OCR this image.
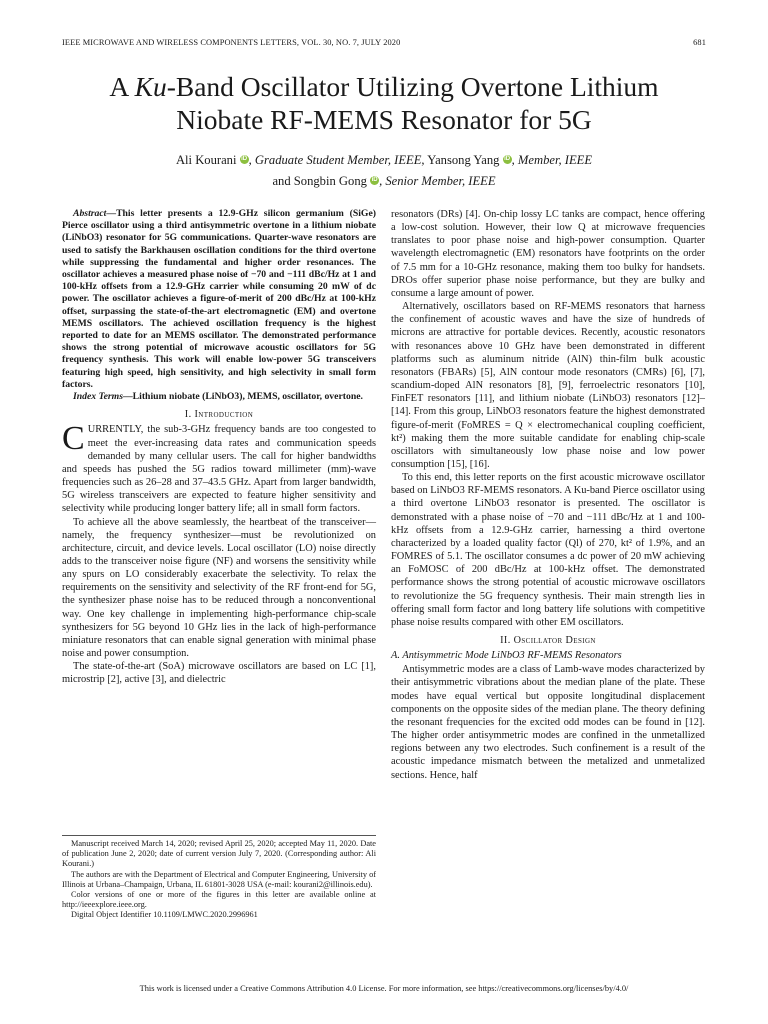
IEEE MICROWAVE AND WIRELESS COMPONENTS LETTERS, VOL. 30, NO. 7, JULY 2020	681
A Ku-Band Oscillator Utilizing Overtone Lithium
Niobate RF-MEMS Resonator for 5G
Ali Kourani iD , Graduate Student Member, IEEE, Yansong Yang iD , Member, IEEE
and Songbin Gong iD , Senior Member, IEEE

Abstract—This letter presents a 12.9-GHz silicon germanium (SiGe) Pierce oscillator using a third antisymmetric overtone in a lithium niobate (LiNbO3) resonator for 5G communications. Quarter-wave resonators are used to satisfy the Barkhausen oscillation conditions for the third overtone while suppressing the fundamental and higher order resonances. The oscillator achieves a measured phase noise of −70 and −111 dBc/Hz at 1 and 100-kHz offsets from a 12.9-GHz carrier while consuming 20 mW of dc power. The oscillator achieves a figure-of-merit of 200 dBc/Hz at 100-kHz offset, surpassing the state-of-the-art electromagnetic (EM) and overtone MEMS oscillators. The achieved oscillation frequency is the highest reported to date for an MEMS oscillator. The demonstrated performance shows the strong potential of microwave acoustic oscillators for 5G frequency synthesis. This work will enable low-power 5G transceivers featuring high speed, high sensitivity, and high selectivity in small form factors.

Index Terms—Lithium niobate (LiNbO3), MEMS, oscillator, overtone.

I. Introduction

CURRENTLY, the sub-3-GHz frequency bands are too congested to meet the ever-increasing data rates and communication speeds demanded by many cellular users. The call for higher bandwidths and speeds has pushed the 5G radios toward millimeter (mm)-wave frequencies such as 26–28 and 37–43.5 GHz. Apart from larger bandwidth, 5G wireless transceivers are expected to feature higher sensitivity and selectivity while producing longer battery life; all in small form factors.

To achieve all the above seamlessly, the heartbeat of the transceiver—namely, the frequency synthesizer—must be revolutionized on architecture, circuit, and device levels. Local oscillator (LO) noise directly adds to the transceiver noise figure (NF) and worsens the sensitivity while any spurs on LO considerably exacerbate the selectivity. To relax the requirements on the sensitivity and selectivity of the RF front-end for 5G, the synthesizer phase noise has to be reduced through a nonconventional way. One key challenge in implementing high-performance chip-scale synthesizers for 5G beyond 10 GHz lies in the lack of high-performance miniature resonators that can enable signal generation with minimal phase noise and power consumption.

The state-of-the-art (SoA) microwave oscillators are based on LC [1], microstrip [2], active [3], and dielectric

Manuscript received March 14, 2020; revised April 25, 2020; accepted May 11, 2020. Date of publication June 2, 2020; date of current version July 7, 2020. (Corresponding author: Ali Kourani.)

The authors are with the Department of Electrical and Computer Engineering, University of Illinois at Urbana–Champaign, Urbana, IL 61801-3028 USA (e-mail: kourani2@illinois.edu).

Color versions of one or more of the figures in this letter are available online at http://ieeexplore.ieee.org.

Digital Object Identifier 10.1109/LMWC.2020.2996961

resonators (DRs) [4]. On-chip lossy LC tanks are compact, hence offering a low-cost solution. However, their low Q at microwave frequencies translates to poor phase noise and high-power consumption. Quarter wavelength electromagnetic (EM) resonators have footprints on the order of 7.5 mm for a 10-GHz resonance, making them too bulky for handsets. DROs offer superior phase noise performance, but they are bulky and consume a large amount of power.

Alternatively, oscillators based on RF-MEMS resonators that harness the confinement of acoustic waves and have the size of hundreds of microns are attractive for portable devices. Recently, acoustic resonators with resonances above 10 GHz have been demonstrated in different platforms such as aluminum nitride (AlN) thin-film bulk acoustic resonators (FBARs) [5], AlN contour mode resonators (CMRs) [6], [7], scandium-doped AlN resonators [8], [9], ferroelectric resonators [10], FinFET resonators [11], and lithium niobate (LiNbO3) resonators [12]–[14]. From this group, LiNbO3 resonators feature the highest demonstrated figure-of-merit (FoMRES = Q × electromechanical coupling coefficient, kt²) making them the more suitable candidate for enabling chip-scale oscillators with simultaneously low phase noise and low power consumption [15], [16].

To this end, this letter reports on the first acoustic microwave oscillator based on LiNbO3 RF-MEMS resonators. A Ku-band Pierce oscillator using a third overtone LiNbO3 resonator is presented. The oscillator is demonstrated with a phase noise of −70 and −111 dBc/Hz at 1 and 100-kHz offsets from a 12.9-GHz carrier, harnessing a third overtone characterized by a loaded quality factor (Ql) of 270, kt² of 1.9%, and an FOMRES of 5.1. The oscillator consumes a dc power of 20 mW achieving an FoMOSC of 200 dBc/Hz at 100-kHz offset. The demonstrated performance shows the strong potential of acoustic microwave oscillators to revolutionize the 5G frequency synthesis. Their main strength lies in offering small form factor and long battery life solutions with competitive phase noise results compared with other EM oscillators.

II. Oscillator Design
A. Antisymmetric Mode LiNbO3 RF-MEMS Resonators

Antisymmetric modes are a class of Lamb-wave modes characterized by their antisymmetric vibrations about the median plane of the plate. These modes have equal vertical but opposite longitudinal displacement components on the opposite sides of the median plane. The theory defining the resonant frequencies for the excited odd modes can be found in [12]. The higher order antisymmetric modes are confined in the unmetallized regions between any two electrodes. Such confinement is a result of the acoustic impedance mismatch between the metalized and unmetalized sections. Hence, half

This work is licensed under a Creative Commons Attribution 4.0 License. For more information, see https://creativecommons.org/licenses/by/4.0/
